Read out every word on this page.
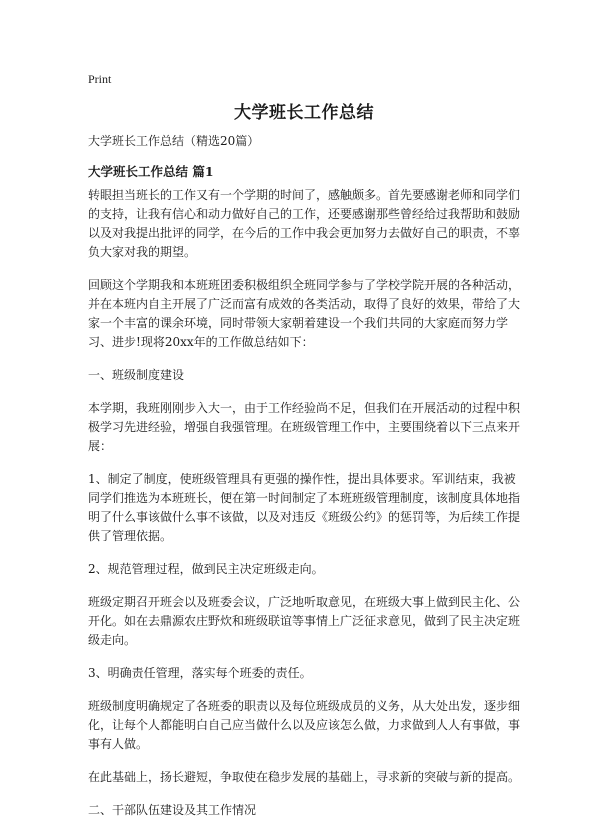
Print
大学班长工作总结
大学班长工作总结（精选20篇）
大学班长工作总结 篇1

转眼担当班长的工作又有一个学期的时间了，感触颇多。首先要感谢老师和同学们的支持，让我有信心和动力做好自己的工作，还要感谢那些曾经给过我帮助和鼓励以及对我提出批评的同学，在今后的工作中我会更加努力去做好自己的职责，不辜负大家对我的期望。

回顾这个学期我和本班班团委积极组织全班同学参与了学校学院开展的各种活动，并在本班内自主开展了广泛而富有成效的各类活动，取得了良好的效果，带给了大家一个丰富的课余环境，同时带领大家朝着建设一个我们共同的大家庭而努力学习、进步!现将20xx年的工作做总结如下：

一、班级制度建设

本学期，我班刚刚步入大一，由于工作经验尚不足，但我们在开展活动的过程中积极学习先进经验，增强自我强管理。在班级管理工作中，主要围绕着以下三点来开展：

1、制定了制度，使班级管理具有更强的操作性，提出具体要求。军训结束，我被同学们推选为本班班长，便在第一时间制定了本班班级管理制度，该制度具体地指明了什么事该做什么事不该做，以及对违反《班级公约》的惩罚等，为后续工作提供了管理依据。

2、规范管理过程，做到民主决定班级走向。

班级定期召开班会以及班委会议，广泛地听取意见，在班级大事上做到民主化、公开化。如在去鼎源农庄野炊和班级联谊等事情上广泛征求意见，做到了民主决定班级走向。

3、明确责任管理，落实每个班委的责任。

班级制度明确规定了各班委的职责以及每位班级成员的义务，从大处出发，逐步细化，让每个人都能明白自己应当做什么以及应该怎么做，力求做到人人有事做，事事有人做。

在此基础上，扬长避短，争取使在稳步发展的基础上，寻求新的突破与新的提高。

二、干部队伍建设及其工作情况
